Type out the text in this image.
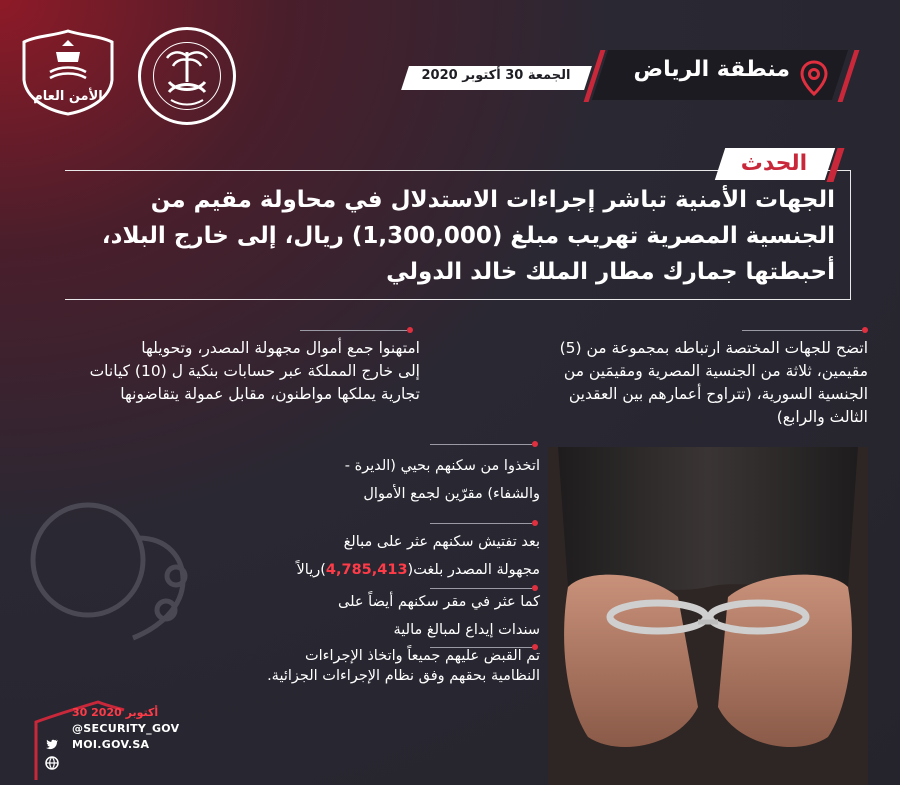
الأمن العام
منطقة الرياض
الجمعة 30 أكتوبر 2020
الحدث
الجهات الأمنية تباشر إجراءات الاستدلال في محاولة مقيم من
الجنسية المصرية تهريب مبلغ (1,300,000) ريال، إلى خارج البلاد،
أحبطتها جمارك مطار الملك خالد الدولي
اتضح للجهات المختصة ارتباطه بمجموعة من (5)
مقيمين، ثلاثة من الجنسية المصرية ومقيمَين من
الجنسية السورية، (تتراوح أعمارهم بين العقدين
الثالث والرابع)
امتهنوا جمع أموال مجهولة المصدر، وتحويلها
إلى خارج المملكة عبر حسابات بنكية ل (10) كيانات
تجارية يملكها مواطنون، مقابل عمولة يتقاضونها
اتخذوا من سكنهم بحيي (الديرة -
والشفاء) مقرّين لجمع الأموال
بعد تفتيش سكنهم عثر على مبالغ
مجهولة المصدر بلغت(4,785,413)ريالاً
كما عثر في مقر سكنهم أيضاً على
سندات إيداع لمبالغ مالية
تم القبض عليهم جميعاً واتخاذ الإجراءات
النظامية بحقهم وفق نظام الإجراءات الجزائية.
30 أكتوبر 2020
@SECURITY_GOV
MOI.GOV.SA
